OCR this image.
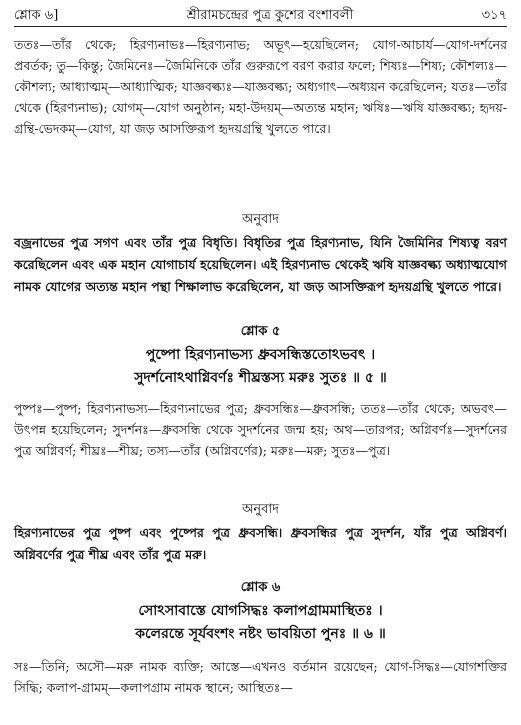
শ্লোক ৬]	শ্রীরামচন্দ্রের পুত্র কুশের বংশাবলী	৩১৭
ততঃ—তাঁর থেকে; হিরণ্যনাভঃ—হিরণ্যনাভ; অভূৎ—হয়েছিলেন; যোগ-আচার্য—যোগ-দর্শনের প্রবর্তক; তু—কিন্তু; জৈমিনেঃ—জৈমিনিকে তাঁর গুরুরূপে বরণ করার ফলে; শিষ্যঃ—শিষ্য; কৌশল্যঃ—কৌশল্য; আধ্যাত্মম্—আধ্যাত্মিক; যাজ্ঞবল্ক্যঃ—যাজ্ঞবল্ক্য; অধ্যগাৎ—অধ্যয়ন করেছিলেন; যতঃ—তাঁর থেকে (হিরণ্যনাভ); যোগম্—যোগ অনুষ্ঠান; মহা-উদয়ম্—অত্যন্ত মহান; ঋষিঃ—ঋষি যাজ্ঞবল্ক্য; হৃদয়-গ্রন্থি-ভেদকম্—যোগ, যা জড় আসক্তিরূপ হৃদয়গ্রন্থি খুলতে পারে।
অনুবাদ
বজ্রনাভের পুত্র সগণ এবং তাঁর পুত্র বিধৃতি। বিধৃতির পুত্র হিরণ্যনাভ, যিনি জৈমিনির শিষ্যত্ব বরণ করেছিলেন এবং এক মহান যোগাচার্য হয়েছিলেন। এই হিরণ্যনাভ থেকেই ঋষি যাজ্ঞবল্ক্য অধ্যাত্মযোগ নামক যোগের অত্যন্ত মহান পন্থা শিক্ষালাভ করেছিলেন, যা জড় আসক্তিরূপ হৃদয়গ্রন্থি খুলতে পারে।
শ্লোক ৫
পুষ্পো হিরণ্যনাভস্য ধ্রুবসন্ধিস্ততোঽভবৎ ।
সুদর্শনোঽথাগ্নিবর্ণঃ শীঘ্রস্তস্য মরুঃ সুতঃ ॥ ৫ ॥
পুষ্পঃ—পুষ্প; হিরণ্যনাভস্য—হিরণ্যনাভের পুত্র; ধ্রুবসন্ধিঃ—ধ্রুবসন্ধি; ততঃ—তাঁর থেকে; অভবৎ—উৎপন্ন হয়েছিলেন; সুদর্শনঃ—ধ্রুবসন্ধি থেকে সুদর্শনের জন্ম হয়; অথ—তারপর; অগ্নিবর্ণঃ—সুদর্শনের পুত্র অগ্নিবর্ণ; শীঘ্রঃ—শীঘ্র; তস্য—তাঁর (অগ্নিবর্ণের); মরুঃ—মরু; সুতঃ—পুত্র।
অনুবাদ
হিরণ্যনাভের পুত্র পুষ্প এবং পুষ্পের পুত্র ধ্রুবসন্ধি। ধ্রুবসন্ধির পুত্র সুদর্শন, যাঁর পুত্র অগ্নিবর্ণ। অগ্নিবর্ণের পুত্র শীঘ্র এবং তাঁর পুত্র মরু।
শ্লোক ৬
সোঽসাবাস্তে যোগসিদ্ধঃ কলাপগ্রামমাস্থিতঃ ।
কলেরন্তে সূর্যবংশং নষ্টং ভাবয়িতা পুনঃ ॥ ৬ ॥
সঃ—তিনি; অসৌ—মরু নামক ব্যক্তি; আস্তে—এখনও বর্তমান রয়েছেন; যোগ-সিদ্ধঃ—যোগশক্তির সিদ্ধি; কলাপ-গ্রামম্—কলাপগ্রাম নামক স্থানে; আস্থিতঃ—
